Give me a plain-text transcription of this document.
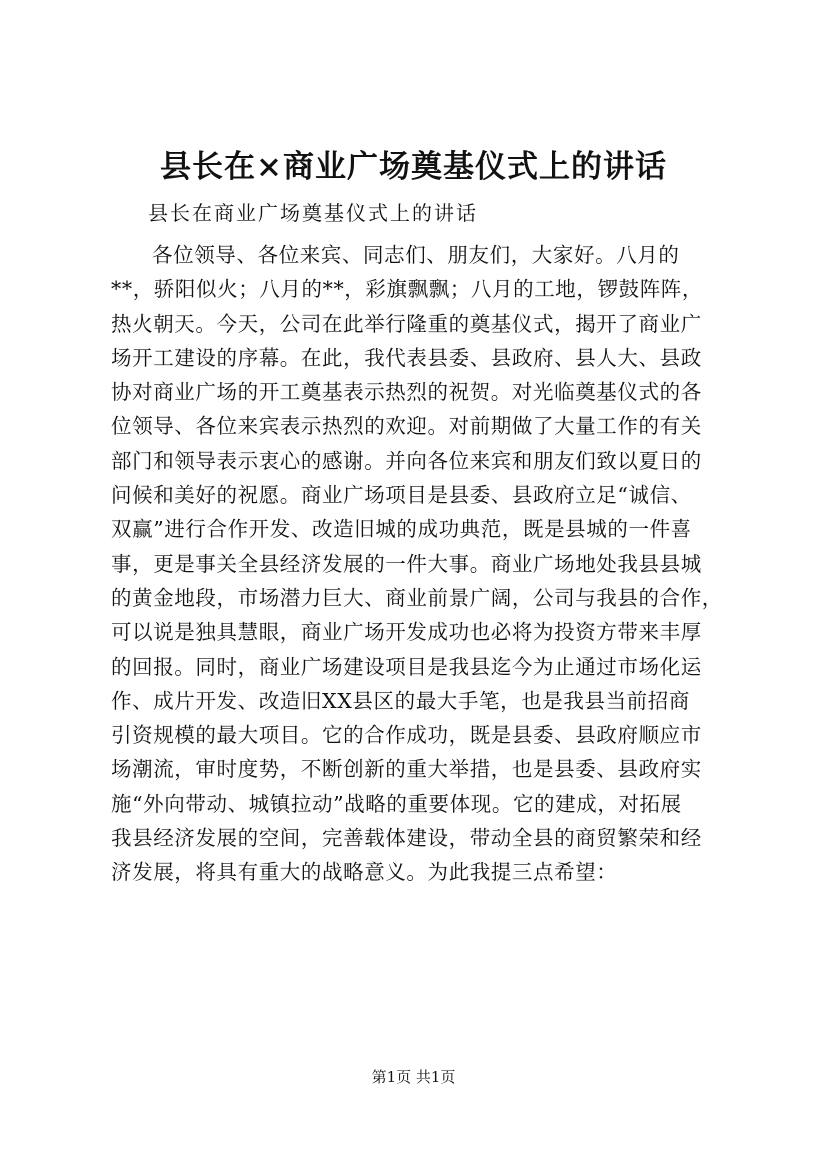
县长在×商业广场奠基仪式上的讲话

县长在商业广场奠基仪式上的讲话

各位领导、各位来宾、同志们、朋友们，大家好。八月的
**，骄阳似火；八月的**，彩旗飘飘；八月的工地，锣鼓阵阵，
热火朝天。今天，公司在此举行隆重的奠基仪式，揭开了商业广
场开工建设的序幕。在此，我代表县委、县政府、县人大、县政
协对商业广场的开工奠基表示热烈的祝贺。对光临奠基仪式的各
位领导、各位来宾表示热烈的欢迎。对前期做了大量工作的有关
部门和领导表示衷心的感谢。并向各位来宾和朋友们致以夏日的
问候和美好的祝愿。商业广场项目是县委、县政府立足“诚信、
双赢”进行合作开发、改造旧城的成功典范，既是县城的一件喜
事，更是事关全县经济发展的一件大事。商业广场地处我县县城
的黄金地段，市场潜力巨大、商业前景广阔，公司与我县的合作，
可以说是独具慧眼，商业广场开发成功也必将为投资方带来丰厚
的回报。同时，商业广场建设项目是我县迄今为止通过市场化运
作、成片开发、改造旧XX县区的最大手笔，也是我县当前招商
引资规模的最大项目。它的合作成功，既是县委、县政府顺应市
场潮流，审时度势，不断创新的重大举措，也是县委、县政府实
施“外向带动、城镇拉动”战略的重要体现。它的建成，对拓展
我县经济发展的空间，完善载体建设，带动全县的商贸繁荣和经
济发展，将具有重大的战略意义。为此我提三点希望：

第1页 共1页
